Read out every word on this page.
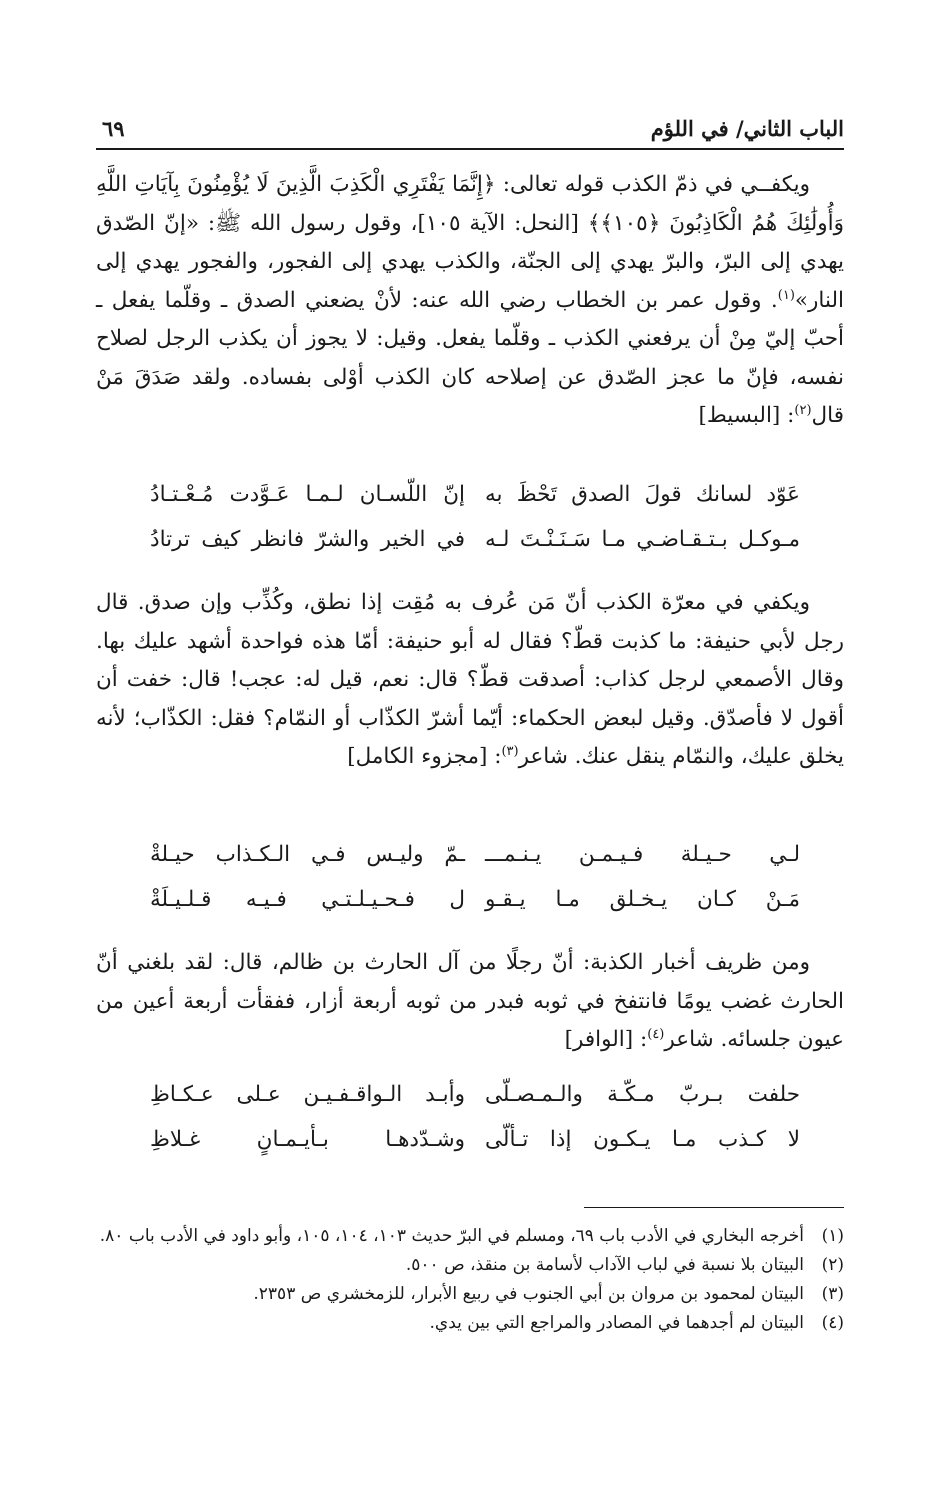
الباب الثاني/ في اللؤم
٦٩

ويكفــي في ذمّ الكذب قوله تعالى: ﴿إِنَّمَا يَفْتَرِي الْكَذِبَ الَّذِينَ لَا يُؤْمِنُونَ بِآيَاتِ اللَّهِ وَأُولَٰئِكَ هُمُ الْكَاذِبُونَ ﴿١٠٥﴾﴾ [النحل: الآية ١٠٥]، وقول رسول الله ﷺ: «إنّ الصّدق يهدي إلى البرّ، والبرّ يهدي إلى الجنّة، والكذب يهدي إلى الفجور، والفجور يهدي إلى النار»$^{(١)}$. وقول عمر بن الخطاب رضي الله عنه: لأنْ يضعني الصدق ـ وقلّما يفعل ـ أحبّ إليّ مِنْ أن يرفعني الكذب ـ وقلّما يفعل. وقيل: لا يجوز أن يكذب الرجل لصلاح نفسه، فإنّ ما عجز الصّدق عن إصلاحه كان الكذب أوْلى بفساده. ولقد صَدَقَ مَنْ قال$^{(٢)}$: [البسيط]

عَوّد لسانك قولَ الصدق تَحْظَ به
إنّ اللّسـان لـمـا عَـوَّدت مُـعْـتـادُ
مـوكـل بـتـقـاضـي مـا سَـنَـنْـتَ لـه
في الخير والشرّ فانظر كيف ترتادُ

ويكفي في معرّة الكذب أنّ مَن عُرف به مُقِت إذا نطق، وكُذِّب وإن صدق. قال رجل لأبي حنيفة: ما كذبت قطّ؟ فقال له أبو حنيفة: أمّا هذه فواحدة أشهد عليك بها. وقال الأصمعي لرجل كذاب: أصدقت قطّ؟ قال: نعم، قيل له: عجب! قال: خفت أن أقول لا فأصدّق. وقيل لبعض الحكماء: أيّما أشرّ الكذّاب أو النمّام؟ فقل: الكذّاب؛ لأنه يخلق عليك، والنمّام ينقل عنك. شاعر$^{(٣)}$: [مجزوء الكامل]

لـي حـيـلة فـيـمـن يـنـمـــ
ـمّ وليـس فـي الـكـذاب حيـلةْ
مَـنْ كـان يـخـلق مـا يـقـو
ل فـحـيـلـتـي فـيـه قـلـيـلَةْ

ومن ظريف أخبار الكذبة: أنّ رجلًا من آل الحارث بن ظالم، قال: لقد بلغني أنّ الحارث غضب يومًا فانتفخ في ثوبه فبدر من ثوبه أربعة أزار، ففقأت أربعة أعين من عيون جلسائه. شاعر$^{(٤)}$: [الوافر]

حلفت بـربّ مـكّـة والـمـصـلّى
وأبـد الـواقـفـيـن عـلى عـكـاظِ
لا كـذب مـا يـكـون إذا تـألّى
وشـدّدهـا بـأيـمـانٍ غـلاظِ
(١)
أخرجه البخاري في الأدب باب ٦٩، ومسلم في البرّ حديث ١٠٣، ١٠٤، ١٠٥، وأبو داود في الأدب باب ٨٠.
(٢)
البيتان بلا نسبة في لباب الآداب لأسامة بن منقذ، ص ٥٠٠.
(٣)
البيتان لمحمود بن مروان بن أبي الجنوب في ربيع الأبرار، للزمخشري ص ٢٣٥٣.
(٤)
البيتان لم أجدهما في المصادر والمراجع التي بين يدي.
